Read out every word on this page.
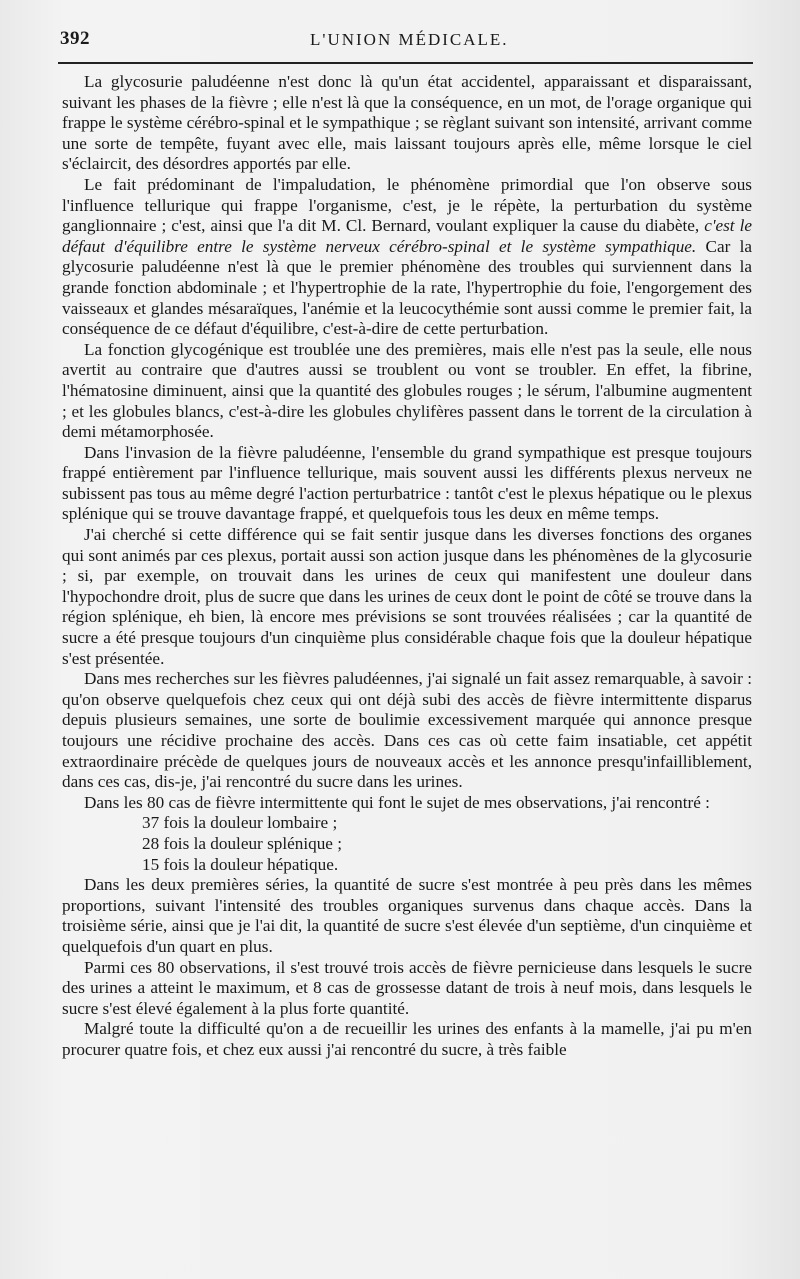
392	L'UNION MÉDICALE.

La glycosurie paludéenne n'est donc là qu'un état accidentel, apparaissant et disparaissant, suivant les phases de la fièvre ; elle n'est là que la conséquence, en un mot, de l'orage organique qui frappe le système cérébro-spinal et le sympathique ; se règlant suivant son intensité, arrivant comme une sorte de tempête, fuyant avec elle, mais laissant toujours après elle, même lorsque le ciel s'éclaircit, des désordres apportés par elle.

Le fait prédominant de l'impaludation, le phénomène primordial que l'on observe sous l'influence tellurique qui frappe l'organisme, c'est, je le répète, la perturbation du système ganglionnaire ; c'est, ainsi que l'a dit M. Cl. Bernard, voulant expliquer la cause du diabète, c'est le défaut d'équilibre entre le système nerveux cérébro-spinal et le système sympathique. Car la glycosurie paludéenne n'est là que le premier phénomène des troubles qui surviennent dans la grande fonction abdominale ; et l'hypertrophie de la rate, l'hypertrophie du foie, l'engorgement des vaisseaux et glandes mésaraïques, l'anémie et la leucocythémie sont aussi comme le premier fait, la conséquence de ce défaut d'équilibre, c'est-à-dire de cette perturbation.

La fonction glycogénique est troublée une des premières, mais elle n'est pas la seule, elle nous avertit au contraire que d'autres aussi se troublent ou vont se troubler. En effet, la fibrine, l'hématosine diminuent, ainsi que la quantité des globules rouges ; le sérum, l'albumine augmentent ; et les globules blancs, c'est-à-dire les globules chylifères passent dans le torrent de la circulation à demi métamorphosée.

Dans l'invasion de la fièvre paludéenne, l'ensemble du grand sympathique est presque toujours frappé entièrement par l'influence tellurique, mais souvent aussi les différents plexus nerveux ne subissent pas tous au même degré l'action perturbatrice : tantôt c'est le plexus hépatique ou le plexus splénique qui se trouve davantage frappé, et quelquefois tous les deux en même temps.

J'ai cherché si cette différence qui se fait sentir jusque dans les diverses fonctions des organes qui sont animés par ces plexus, portait aussi son action jusque dans les phénomènes de la glycosurie ; si, par exemple, on trouvait dans les urines de ceux qui manifestent une douleur dans l'hypochondre droit, plus de sucre que dans les urines de ceux dont le point de côté se trouve dans la région splénique, eh bien, là encore mes prévisions se sont trouvées réalisées ; car la quantité de sucre a été presque toujours d'un cinquième plus considérable chaque fois que la douleur hépatique s'est présentée.

Dans mes recherches sur les fièvres paludéennes, j'ai signalé un fait assez remarquable, à savoir : qu'on observe quelquefois chez ceux qui ont déjà subi des accès de fièvre intermittente disparus depuis plusieurs semaines, une sorte de boulimie excessivement marquée qui annonce presque toujours une récidive prochaine des accès. Dans ces cas où cette faim insatiable, cet appétit extraordinaire précède de quelques jours de nouveaux accès et les annonce presqu'infailliblement, dans ces cas, dis-je, j'ai rencontré du sucre dans les urines.

Dans les 80 cas de fièvre intermittente qui font le sujet de mes observations, j'ai rencontré :

37 fois la douleur lombaire ;
28 fois la douleur splénique ;
15 fois la douleur hépatique.

Dans les deux premières séries, la quantité de sucre s'est montrée à peu près dans les mêmes proportions, suivant l'intensité des troubles organiques survenus dans chaque accès. Dans la troisième série, ainsi que je l'ai dit, la quantité de sucre s'est élevée d'un septième, d'un cinquième et quelquefois d'un quart en plus.

Parmi ces 80 observations, il s'est trouvé trois accès de fièvre pernicieuse dans lesquels le sucre des urines a atteint le maximum, et 8 cas de grossesse datant de trois à neuf mois, dans lesquels le sucre s'est élevé également à la plus forte quantité.

Malgré toute la difficulté qu'on a de recueillir les urines des enfants à la mamelle, j'ai pu m'en procurer quatre fois, et chez eux aussi j'ai rencontré du sucre, à très faible
